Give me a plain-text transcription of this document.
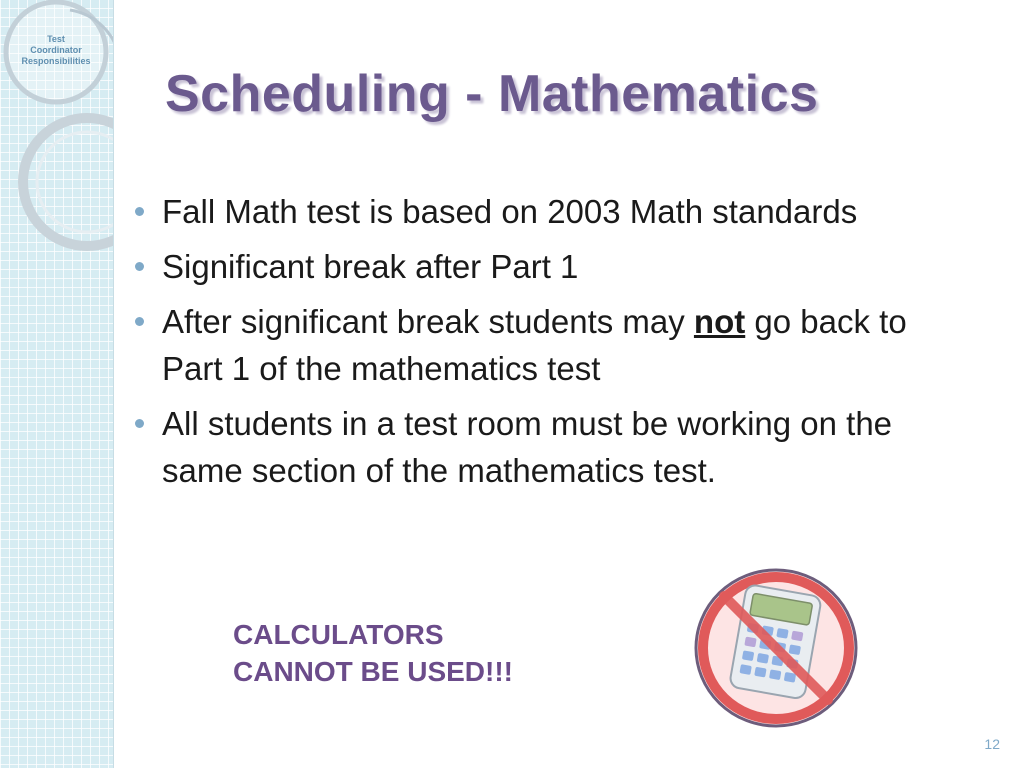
Test
Coordinator
Responsibilities
Scheduling - Mathematics
Fall Math test is based on 2003 Math standards
Significant break after Part 1
After significant break students may not go back to Part 1 of the mathematics test
All students in a test room must be working on the same section of the mathematics test.
CALCULATORS
CANNOT BE USED!!!
12
